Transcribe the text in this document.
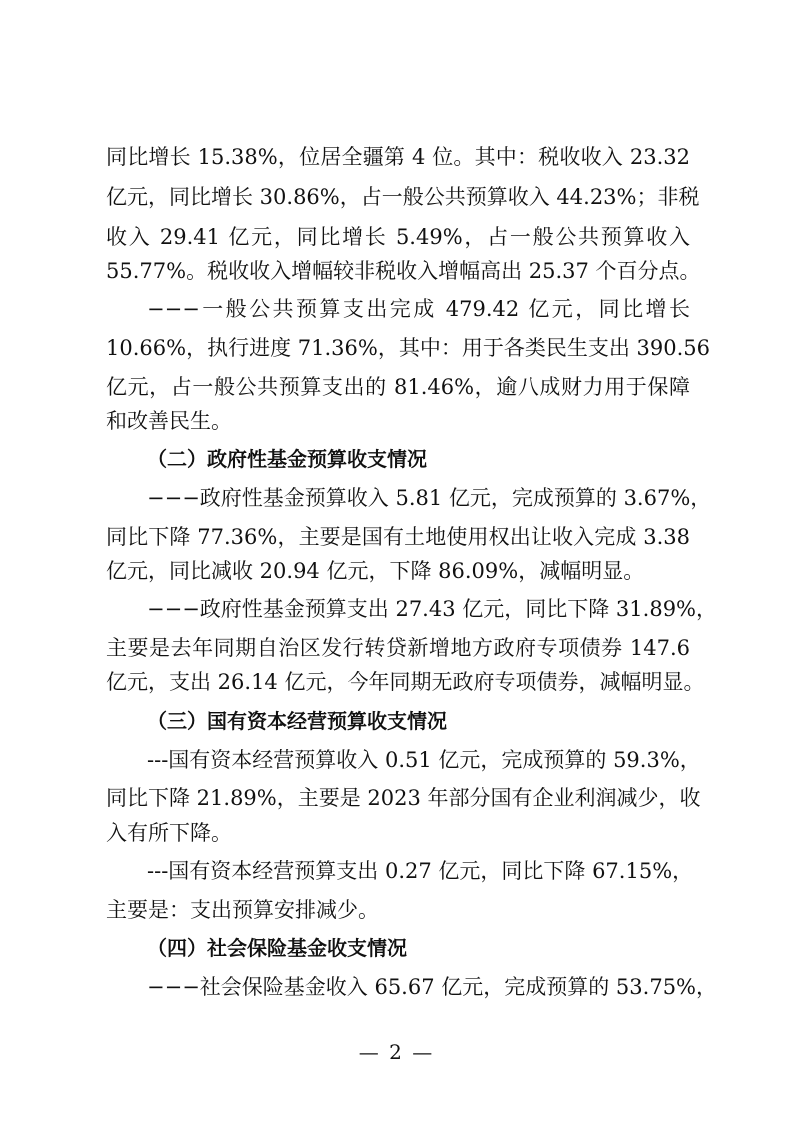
同比增长 15.38%，位居全疆第 4 位。其中：税收收入 23.32
亿元，同比增长 30.86%，占一般公共预算收入 44.23%；非税
收入 29.41 亿元，同比增长 5.49%，占一般公共预算收入
55.77%。税收收入增幅较非税收入增幅高出 25.37 个百分点。
−−−一般公共预算支出完成 479.42 亿元，同比增长
10.66%，执行进度 71.36%，其中：用于各类民生支出 390.56
亿元，占一般公共预算支出的 81.46%，逾八成财力用于保障
和改善民生。
（二）政府性基金预算收支情况
−−−政府性基金预算收入 5.81 亿元，完成预算的 3.67%，
同比下降 77.36%，主要是国有土地使用权出让收入完成 3.38
亿元，同比减收 20.94 亿元，下降 86.09%，减幅明显。
−−−政府性基金预算支出 27.43 亿元，同比下降 31.89%，
主要是去年同期自治区发行转贷新增地方政府专项债券 147.6
亿元，支出 26.14 亿元，今年同期无政府专项债券，减幅明显。
（三）国有资本经营预算收支情况
---国有资本经营预算收入 0.51 亿元，完成预算的 59.3%，
同比下降 21.89%，主要是 2023 年部分国有企业利润减少，收
入有所下降。
---国有资本经营预算支出 0.27 亿元，同比下降 67.15%，
主要是：支出预算安排减少。
（四）社会保险基金收支情况
−−−社会保险基金收入 65.67 亿元，完成预算的 53.75%，
— 2 —
